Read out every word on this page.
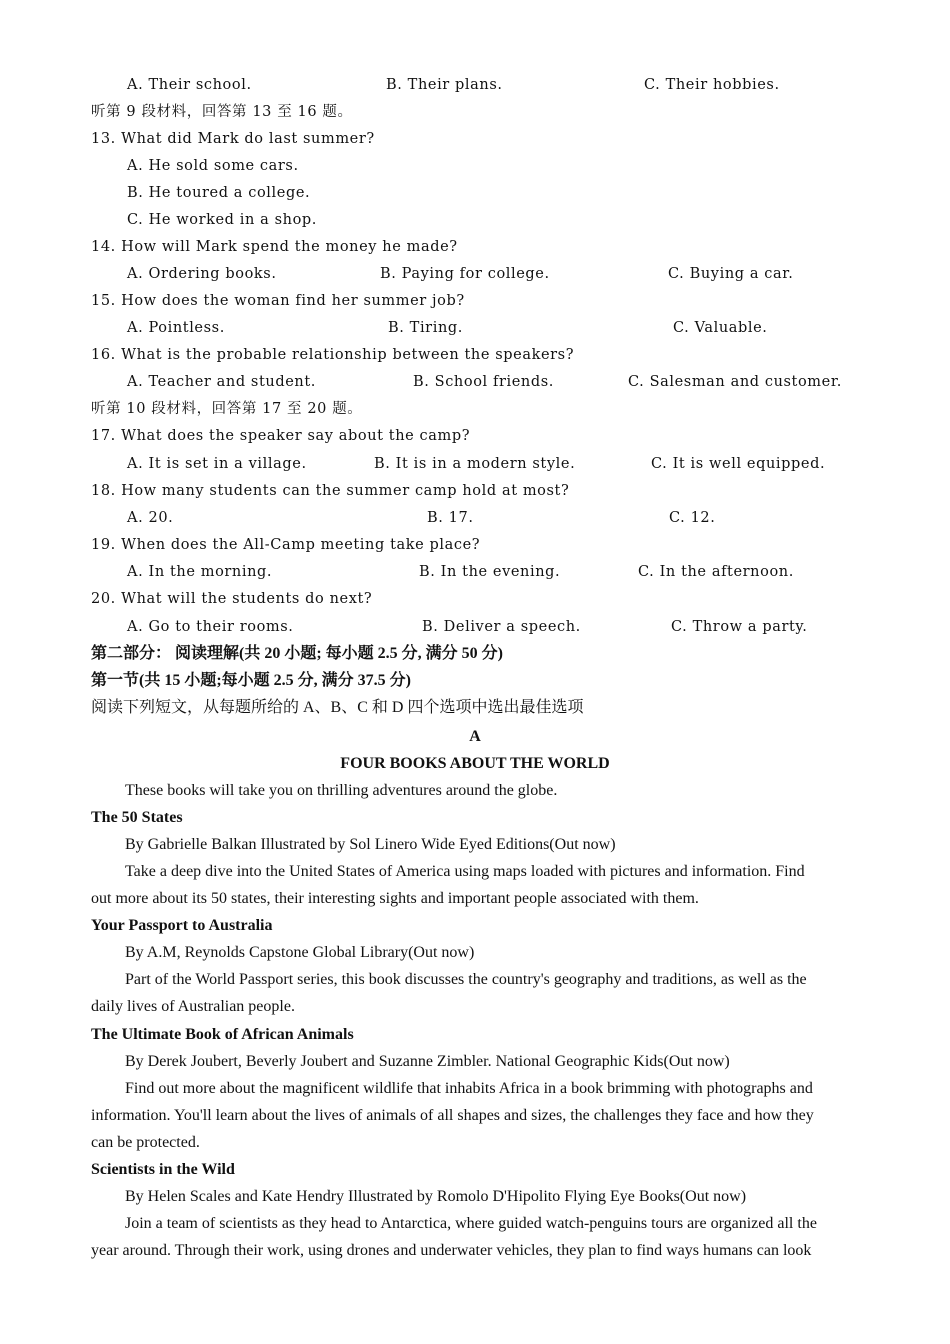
A. Their school.	B. Their plans.	C. Their hobbies.
听第 9 段材料，回答第 13 至 16 题。
13. What did Mark do last summer?
A. He sold some cars.
B. He toured a college.
C. He worked in a shop.
14. How will Mark spend the money he made?
A. Ordering books.	B. Paying for college.	C. Buying a car.
15. How does the woman find her summer job?
A. Pointless.	B. Tiring.	C. Valuable.
16. What is the probable relationship between the speakers?
A. Teacher and student.	B. School friends.	C. Salesman and customer.
听第 10 段材料，回答第 17 至 20 题。
17. What does the speaker say about the camp?
A. It is set in a village.	B. It is in a modern style.	C. It is well equipped.
18. How many students can the summer camp hold at most?
A. 20.	B. 17.	C. 12.
19. When does the All-Camp meeting take place?
A. In the morning.	B. In the evening.	C. In the afternoon.
20. What will the students do next?
A. Go to their rooms.	B. Deliver a speech.	C. Throw a party.
第二部分： 阅读理解(共 20 小题; 每小题 2.5 分, 满分 50 分)
第一节(共 15 小题;每小题 2.5 分, 满分 37.5 分)
阅读下列短文，从每题所给的 A、B、C 和 D 四个选项中选出最佳选项
A
FOUR BOOKS ABOUT THE WORLD
These books will take you on thrilling adventures around the globe.
The 50 States
By Gabrielle Balkan Illustrated by Sol Linero Wide Eyed Editions(Out now)
Take a deep dive into the United States of America using maps loaded with pictures and information. Find
out more about its 50 states, their interesting sights and important people associated with them.
Your Passport to Australia
By A.M, Reynolds Capstone Global Library(Out now)
Part of the World Passport series, this book discusses the country's geography and traditions, as well as the
daily lives of Australian people.
The Ultimate Book of African Animals
By Derek Joubert, Beverly Joubert and Suzanne Zimbler. National Geographic Kids(Out now)
Find out more about the magnificent wildlife that inhabits Africa in a book brimming with photographs and
information. You'll learn about the lives of animals of all shapes and sizes, the challenges they face and how they
can be protected.
Scientists in the Wild
By Helen Scales and Kate Hendry Illustrated by Romolo D'Hipolito Flying Eye Books(Out now)
Join a team of scientists as they head to Antarctica, where guided watch-penguins tours are organized all the
year around. Through their work, using drones and underwater vehicles, they plan to find ways humans can look
